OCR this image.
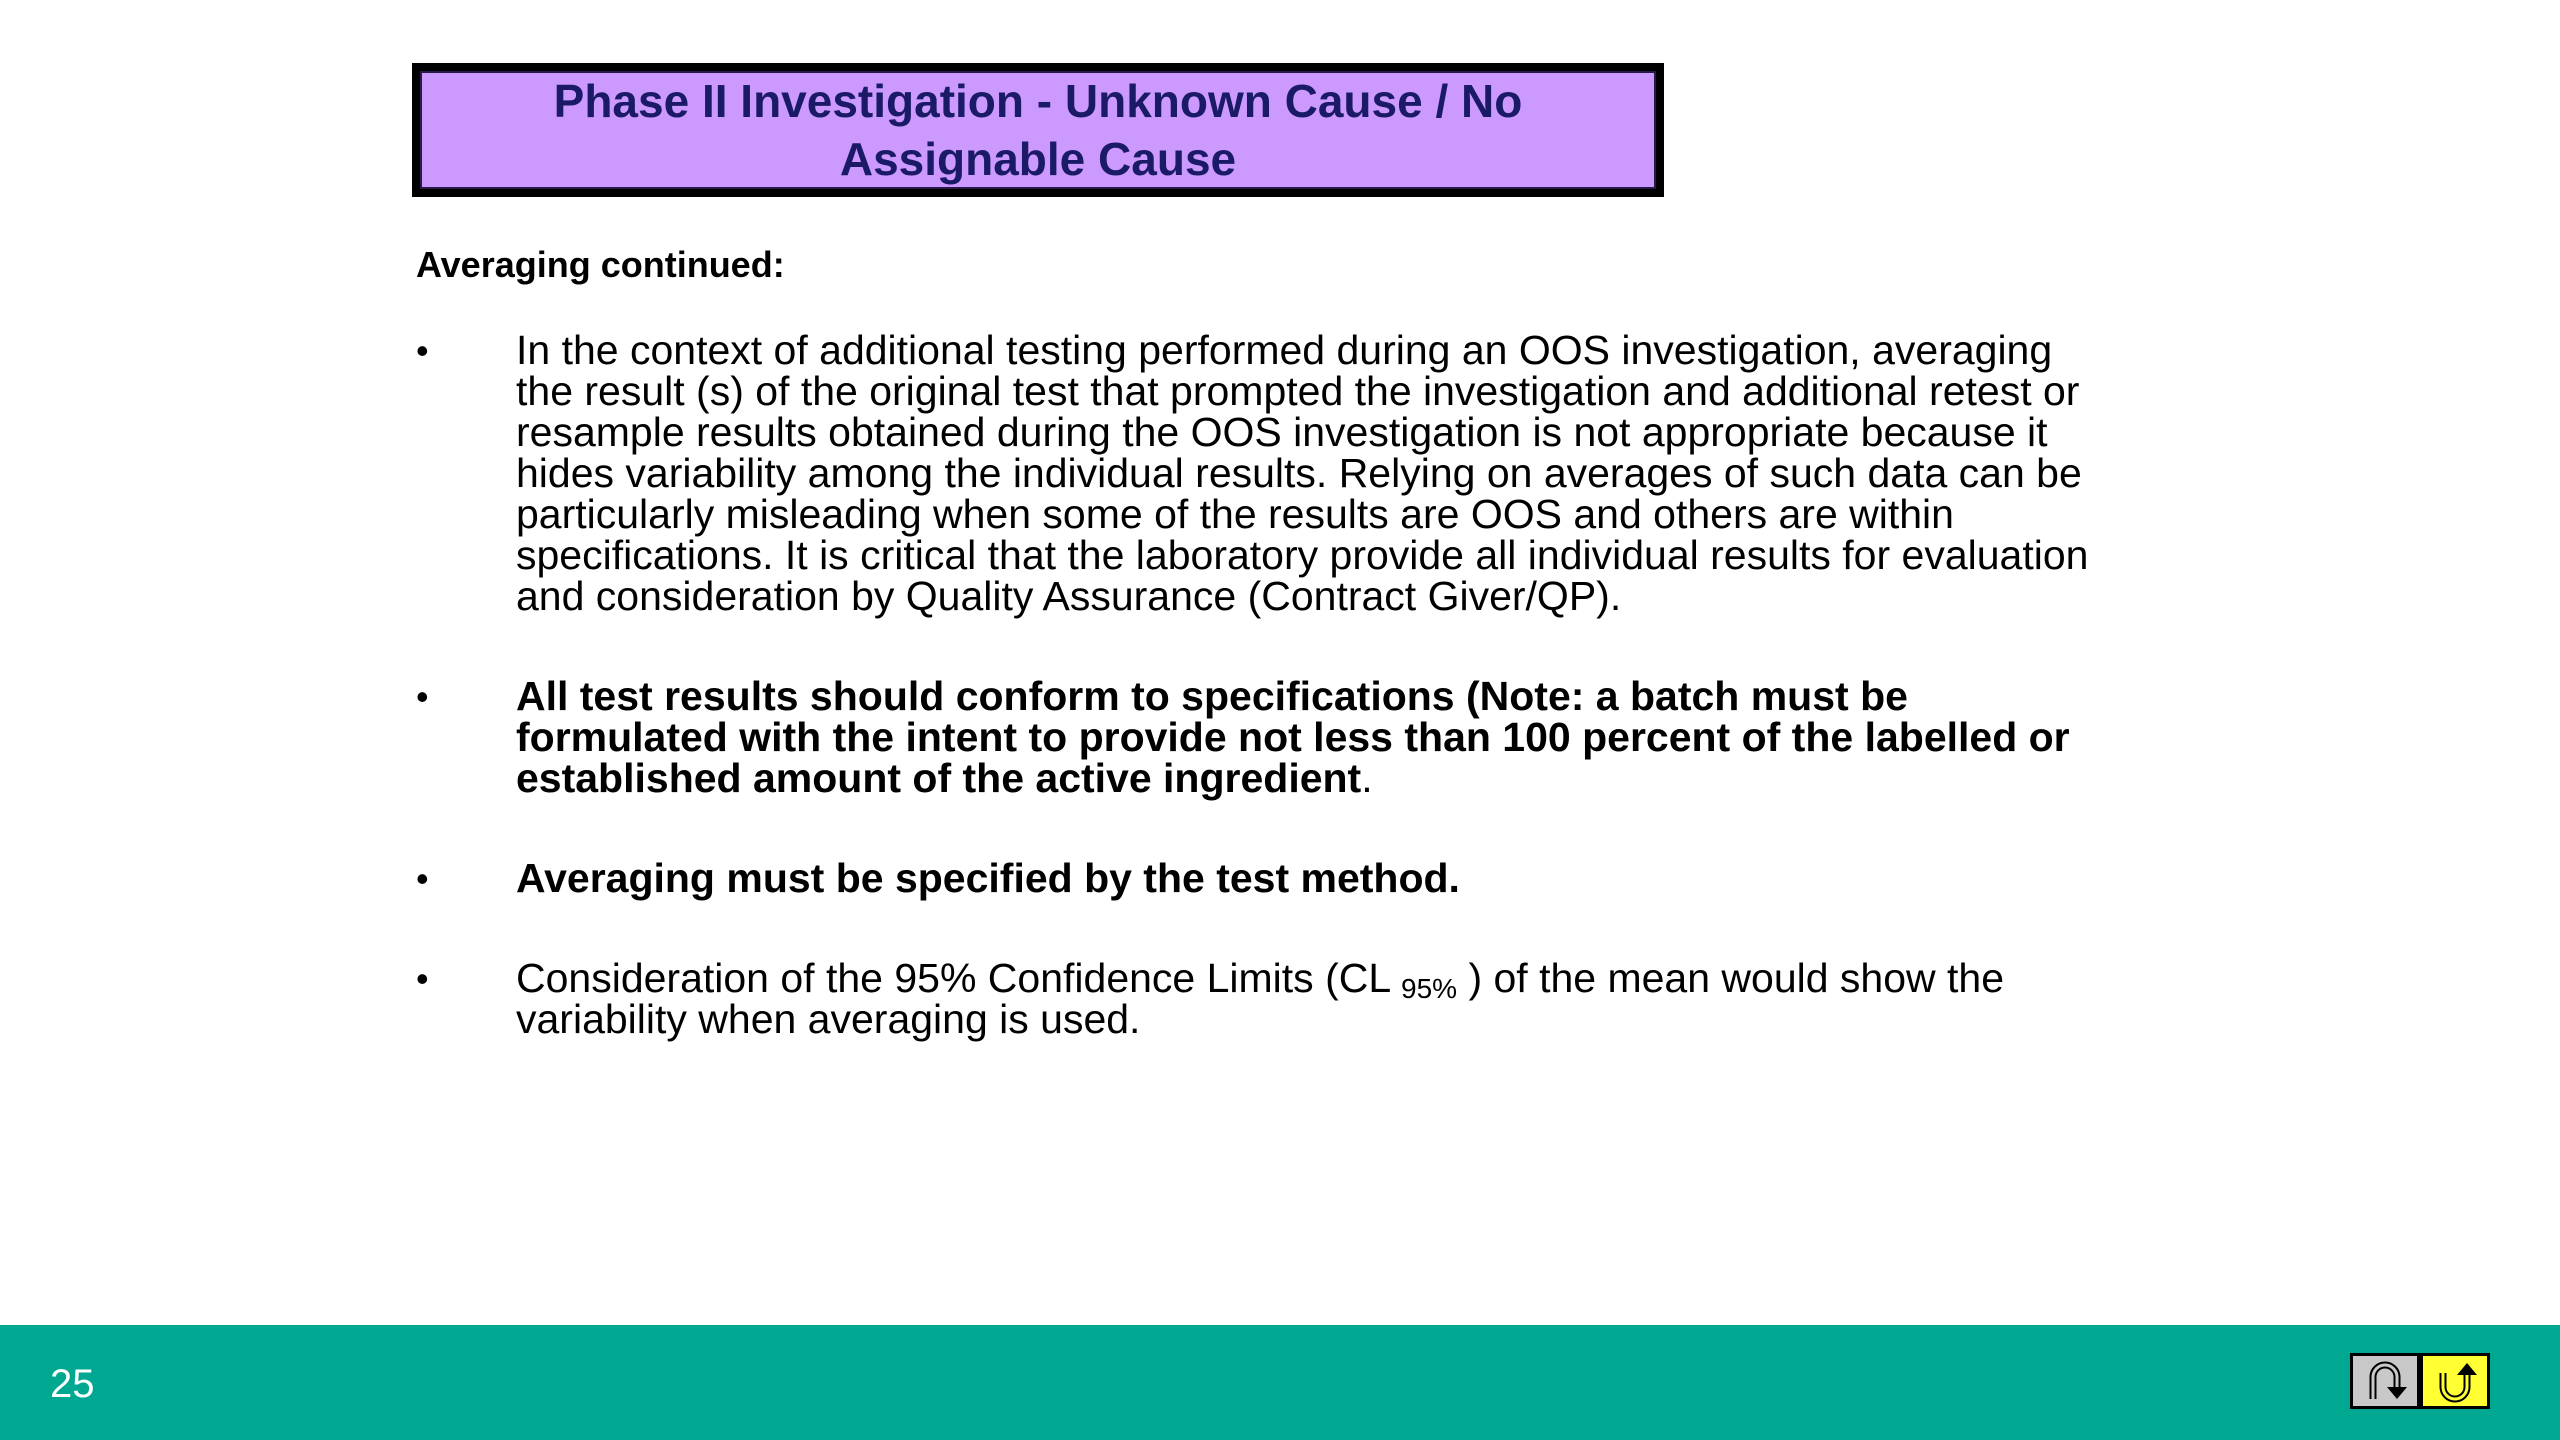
Phase II Investigation - Unknown Cause / No
Assignable Cause
Averaging continued:
• In the context of additional testing performed during an OOS investigation, averaging the result (s) of the original test that prompted the investigation and additional retest or resample results obtained during the OOS investigation is not appropriate because it hides variability among the individual results. Relying on averages of such data can be particularly misleading when some of the results are OOS and others are within specifications. It is critical that the laboratory provide all individual results for evaluation and consideration by Quality Assurance (Contract Giver/QP).
• All test results should conform to specifications (Note: a batch must be formulated with the intent to provide not less than 100 percent of the labelled or established amount of the active ingredient.
• Averaging must be specified by the test method.
• Consideration of the 95% Confidence Limits (CL $_{95\%}$ ) of the mean would show the variability when averaging is used.
25
